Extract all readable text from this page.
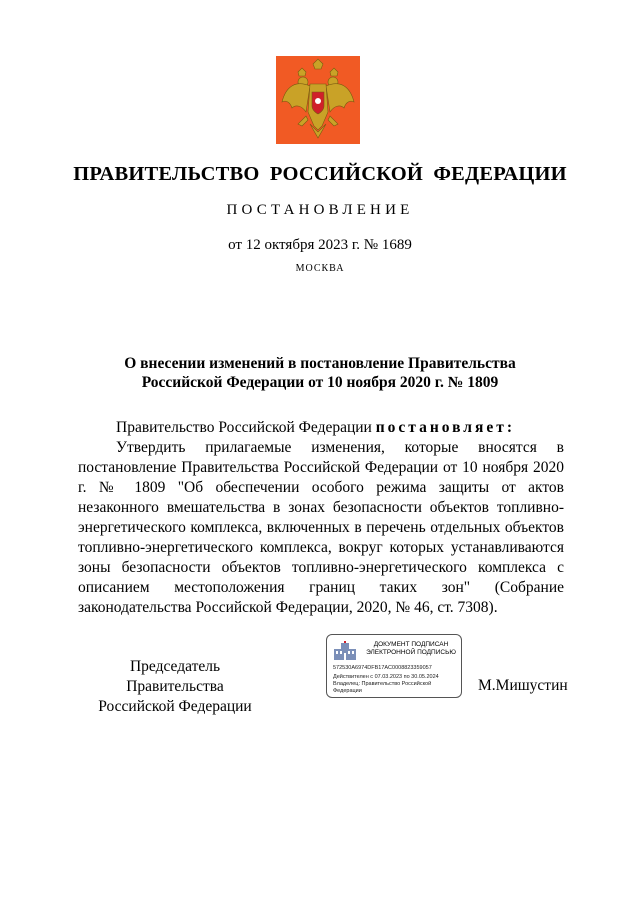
ПРАВИТЕЛЬСТВО РОССИЙСКОЙ ФЕДЕРАЦИИ
ПОСТАНОВЛЕНИЕ
от 12 октября 2023 г. № 1689
МОСКВА
О внесении изменений в постановление Правительства
Российской Федерации от 10 ноября 2020 г. № 1809
Правительство Российской Федерации постановляет:
Утвердить прилагаемые изменения, которые вносятся в постановление Правительства Российской Федерации от 10 ноября 2020 г. № 1809 "Об обеспечении особого режима защиты от актов незаконного вмешательства в зонах безопасности объектов топливно-энергетического комплекса, включенных в перечень отдельных объектов топливно-энергетического комплекса, вокруг которых устанавливаются зоны безопасности объектов топливно-энергетического комплекса с описанием местоположения границ таких зон" (Собрание законодательства Российской Федерации, 2020, № 46, ст. 7308).
Председатель Правительства
Российской Федерации
ДОКУМЕНТ ПОДПИСАН
ЭЛЕКТРОННОЙ ПОДПИСЬЮ
572530A6974DFB17AC0008823359057
Действителен с 07.03.2023 по 30.05.2024
Владелец: Правительство Российской
Федерации	М.Мишустин
